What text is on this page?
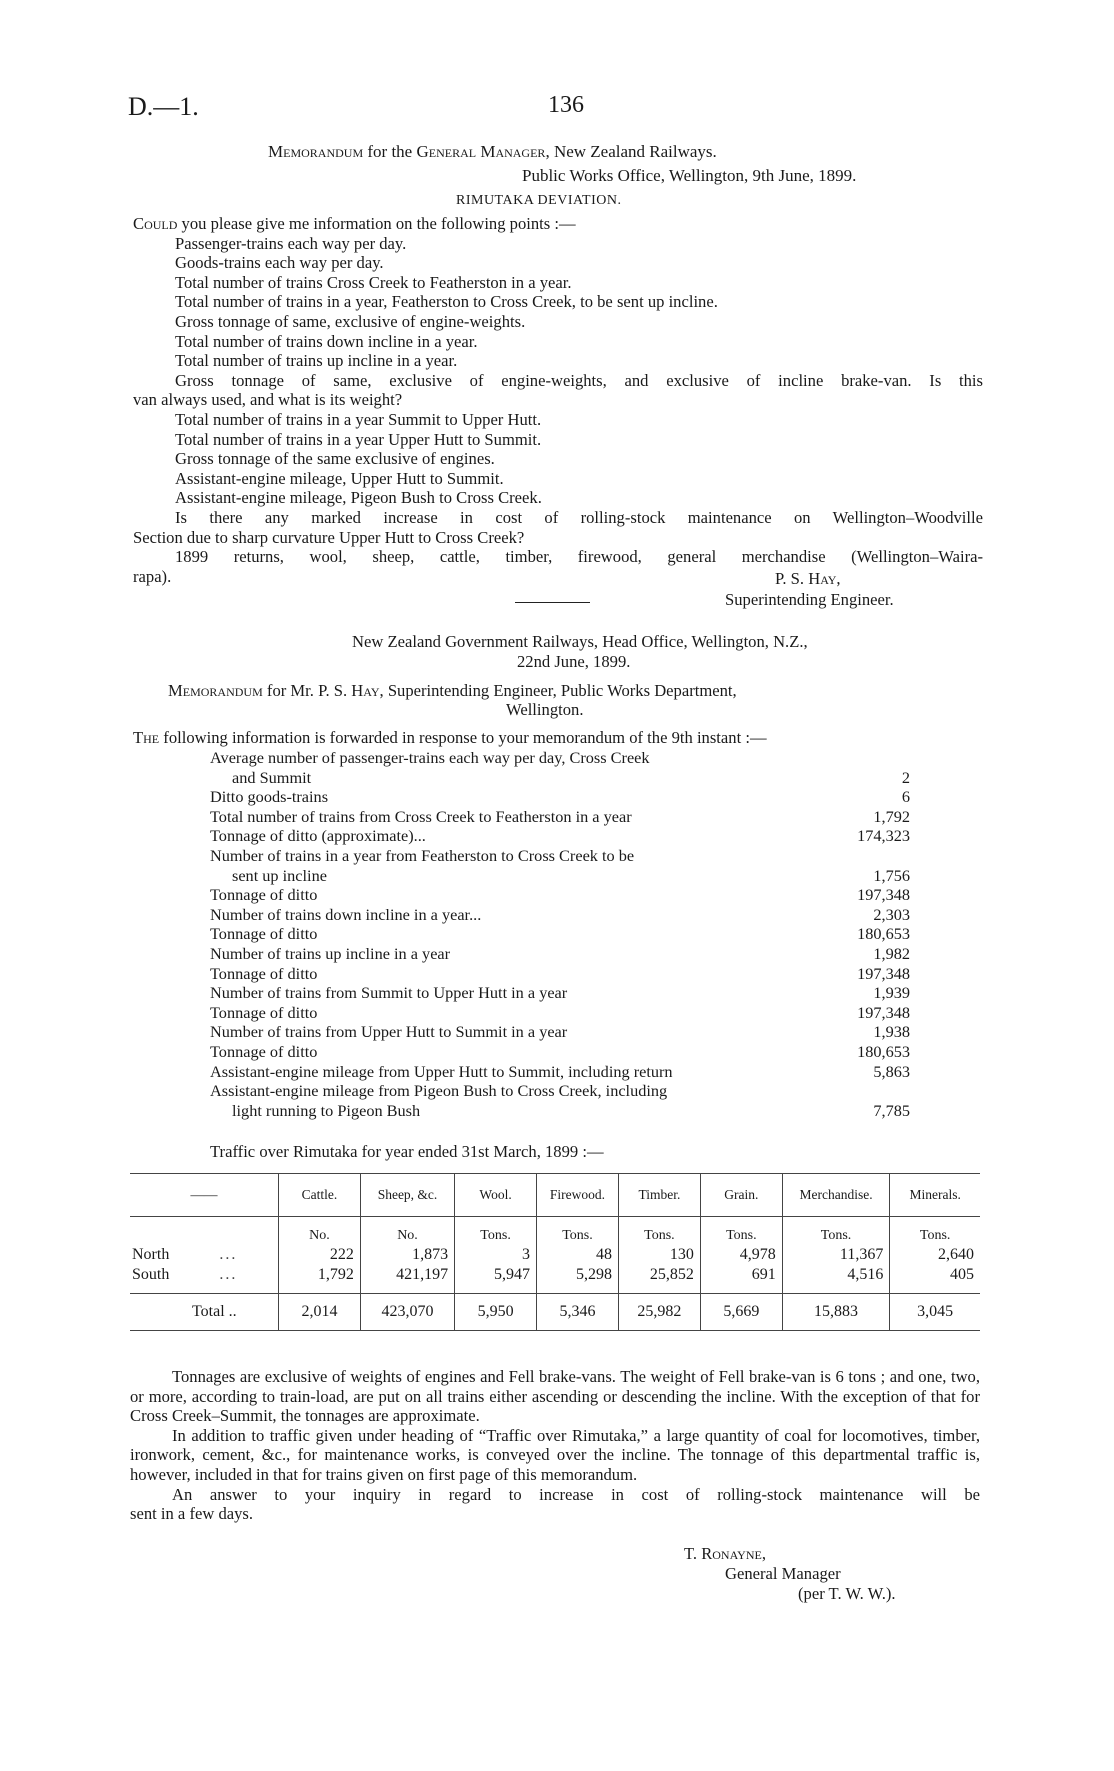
D.—1.	136
Memorandum for the General Manager, New Zealand Railways.
Public Works Office, Wellington, 9th June, 1899.
RIMUTAKA DEVIATION.
Could you please give me information on the following points :—
Passenger-trains each way per day.
Goods-trains each way per day.
Total number of trains Cross Creek to Featherston in a year.
Total number of trains in a year, Featherston to Cross Creek, to be sent up incline.
Gross tonnage of same, exclusive of engine-weights.
Total number of trains down incline in a year.
Total number of trains up incline in a year.
Gross tonnage of same, exclusive of engine-weights, and exclusive of incline brake-van. Is this
van always used, and what is its weight?
Total number of trains in a year Summit to Upper Hutt.
Total number of trains in a year Upper Hutt to Summit.
Gross tonnage of the same exclusive of engines.
Assistant-engine mileage, Upper Hutt to Summit.
Assistant-engine mileage, Pigeon Bush to Cross Creek.
Is there any marked increase in cost of rolling-stock maintenance on Wellington–Woodville
Section due to sharp curvature Upper Hutt to Cross Creek?
1899 returns, wool, sheep, cattle, timber, firewood, general merchandise (Wellington–Waira-
rapa).	P. S. Hay,
Superintending Engineer.
New Zealand Government Railways, Head Office, Wellington, N.Z.,
22nd June, 1899.
Memorandum for Mr. P. S. Hay, Superintending Engineer, Public Works Department,
Wellington.
The following information is forwarded in response to your memorandum of the 9th instant :—
Average number of passenger-trains each way per day, Cross Creek
and Summit	2
Ditto goods-trains	6
Total number of trains from Cross Creek to Featherston in a year	1,792
Tonnage of ditto (approximate)...	174,323
Number of trains in a year from Featherston to Cross Creek to be
sent up incline	1,756
Tonnage of ditto	197,348
Number of trains down incline in a year...	2,303
Tonnage of ditto	180,653
Number of trains up incline in a year	1,982
Tonnage of ditto	197,348
Number of trains from Summit to Upper Hutt in a year	1,939
Tonnage of ditto	197,348
Number of trains from Upper Hutt to Summit in a year	1,938
Tonnage of ditto	180,653
Assistant-engine mileage from Upper Hutt to Summit, including return	5,863
Assistant-engine mileage from Pigeon Bush to Cross Creek, including
light running to Pigeon Bush	7,785
Traffic over Rimutaka for year ended 31st March, 1899 :—
——	Cattle.	Sheep, &c.	Wool.	Firewood.	Timber.	Grain.	Merchandise.	Minerals.
	No.	No.	Tons.	Tons.	Tons.	Tons.	Tons.	Tons.
North ...	222	1,873	3	48	130	4,978	11,367	2,640
South ...	1,792	421,197	5,947	5,298	25,852	691	4,516	405
Total ..	2,014	423,070	5,950	5,346	25,982	5,669	15,883	3,045

Tonnages are exclusive of weights of engines and Fell brake-vans. The weight of Fell brake-van is 6 tons ; and one, two, or more, according to train-load, are put on all trains either ascending or descending the incline. With the exception of that for Cross Creek–Summit, the tonnages are approximate.

In addition to traffic given under heading of “Traffic over Rimutaka,” a large quantity of coal for locomotives, timber, ironwork, cement, &c., for maintenance works, is conveyed over the incline. The tonnage of this departmental traffic is, however, included in that for trains given on first page of this memorandum.

An answer to your inquiry in regard to increase in cost of rolling-stock maintenance will be

sent in a few days.

T. Ronayne,
General Manager
(per T. W. W.).
